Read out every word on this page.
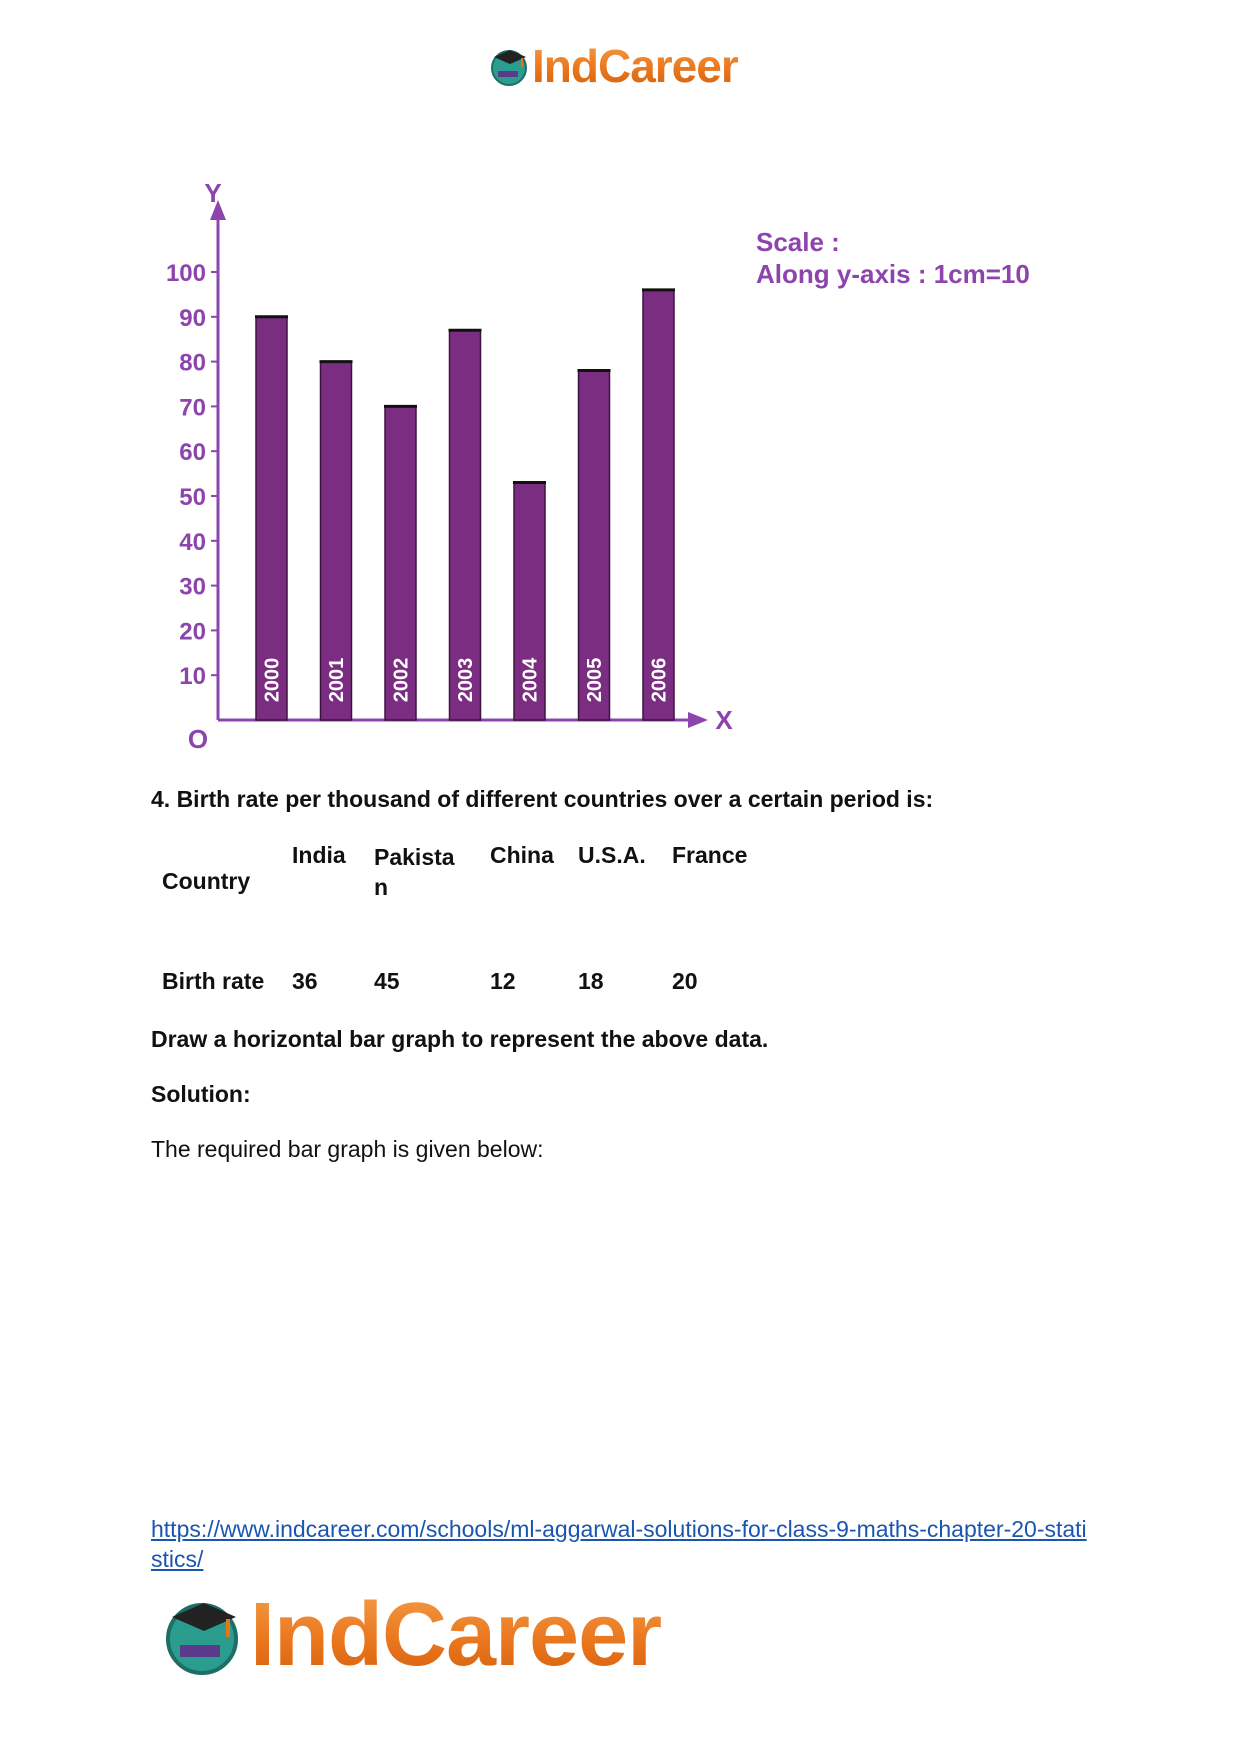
IndCareer
Y
X
O
10
20
30
40
50
60
70
80
90
100
2000 2001 2002 2003 2004 2005 2006
Scale :
Along y-axis : 1cm=10
4. Birth rate per thousand of different countries over a certain period is:
Country	India	Pakistan	China	U.S.A.	France
Birth rate	36	45	12	18	20
Draw a horizontal bar graph to represent the above data.
Solution:
The required bar graph is given below:
https://www.indcareer.com/schools/ml-aggarwal-solutions-for-class-9-maths-chapter-20-statistics/
IndCareer
